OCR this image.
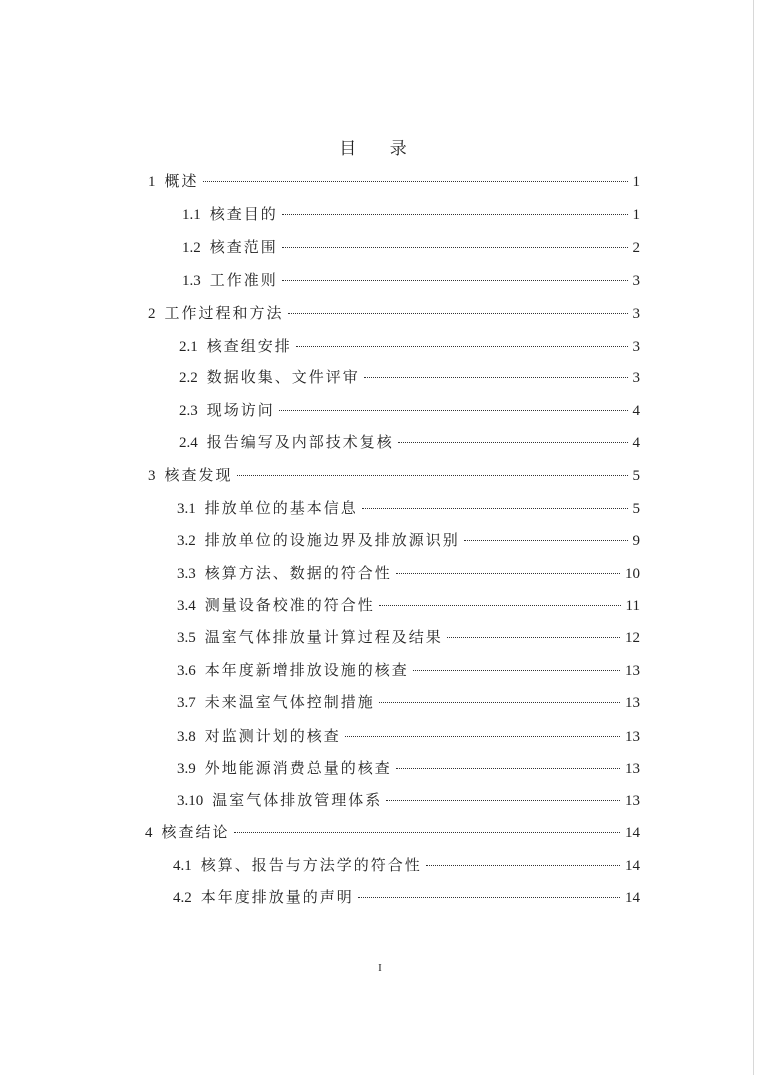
目 录
1 概述	1
1.1 核查目的	1
1.2 核查范围	2
1.3 工作准则	3
2 工作过程和方法	3
2.1 核查组安排	3
2.2 数据收集、文件评审	3
2.3 现场访问	4
2.4 报告编写及内部技术复核	4
3 核查发现	5
3.1 排放单位的基本信息	5
3.2 排放单位的设施边界及排放源识别	9
3.3 核算方法、数据的符合性	10
3.4 测量设备校准的符合性	11
3.5 温室气体排放量计算过程及结果	12
3.6 本年度新增排放设施的核查	13
3.7 未来温室气体控制措施	13
3.8 对监测计划的核查	13
3.9 外地能源消费总量的核查	13
3.10 温室气体排放管理体系	13
4 核查结论	14
4.1 核算、报告与方法学的符合性	14
4.2 本年度排放量的声明	14
I
